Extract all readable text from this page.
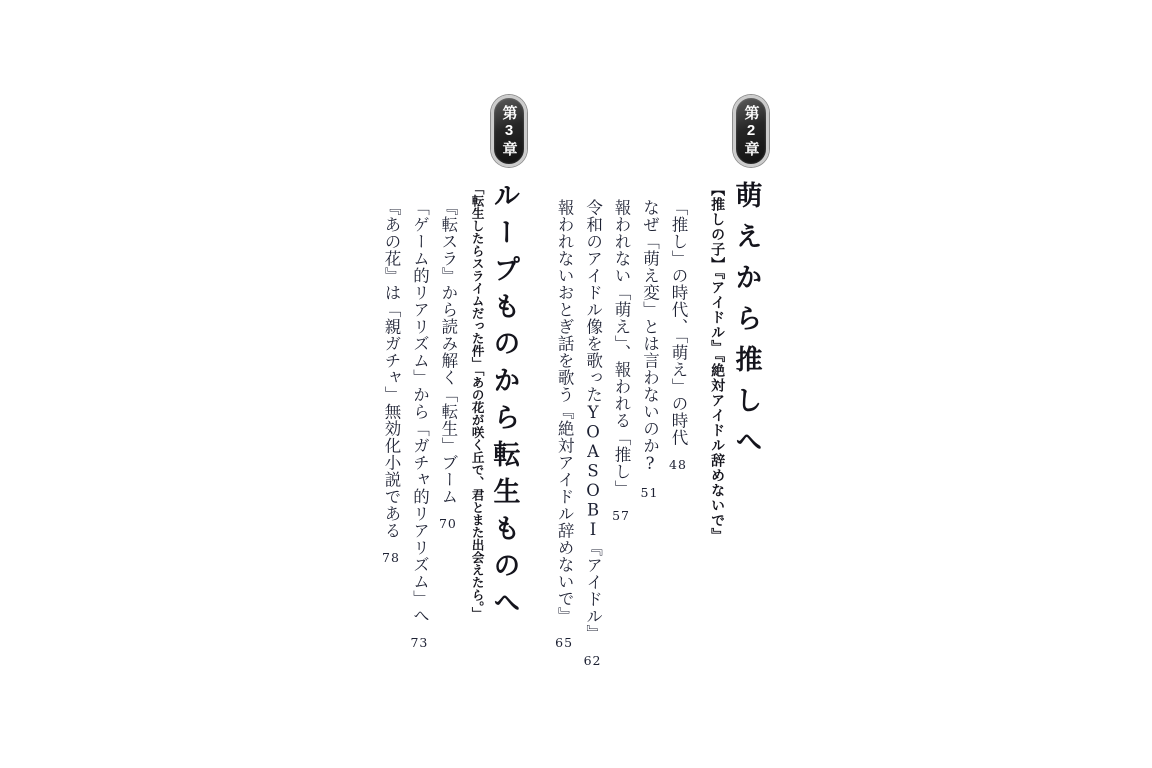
第2章
萌えから推しへ
【推しの子】『アイドル』『絶対アイドル辞めないで』
「推し」の時代、「萌え」の時代48
なぜ「萌え変」とは言わないのか?51
報われない「萌え」、報われる「推し」57
令和のアイドル像を歌ったYOASOBI『アイドル』62
報われないおとぎ話を歌う『絶対アイドル辞めないで』65
第3章
ループものから転生ものへ
「転生したらスライムだった件」「あの花が咲く丘で、君とまた出会えたら。」
『転スラ』から読み解く「転生」ブーム70
「ゲーム的リアリズム」から「ガチャ的リアリズム」へ73
『あの花』は「親ガチャ」無効化小説である78
